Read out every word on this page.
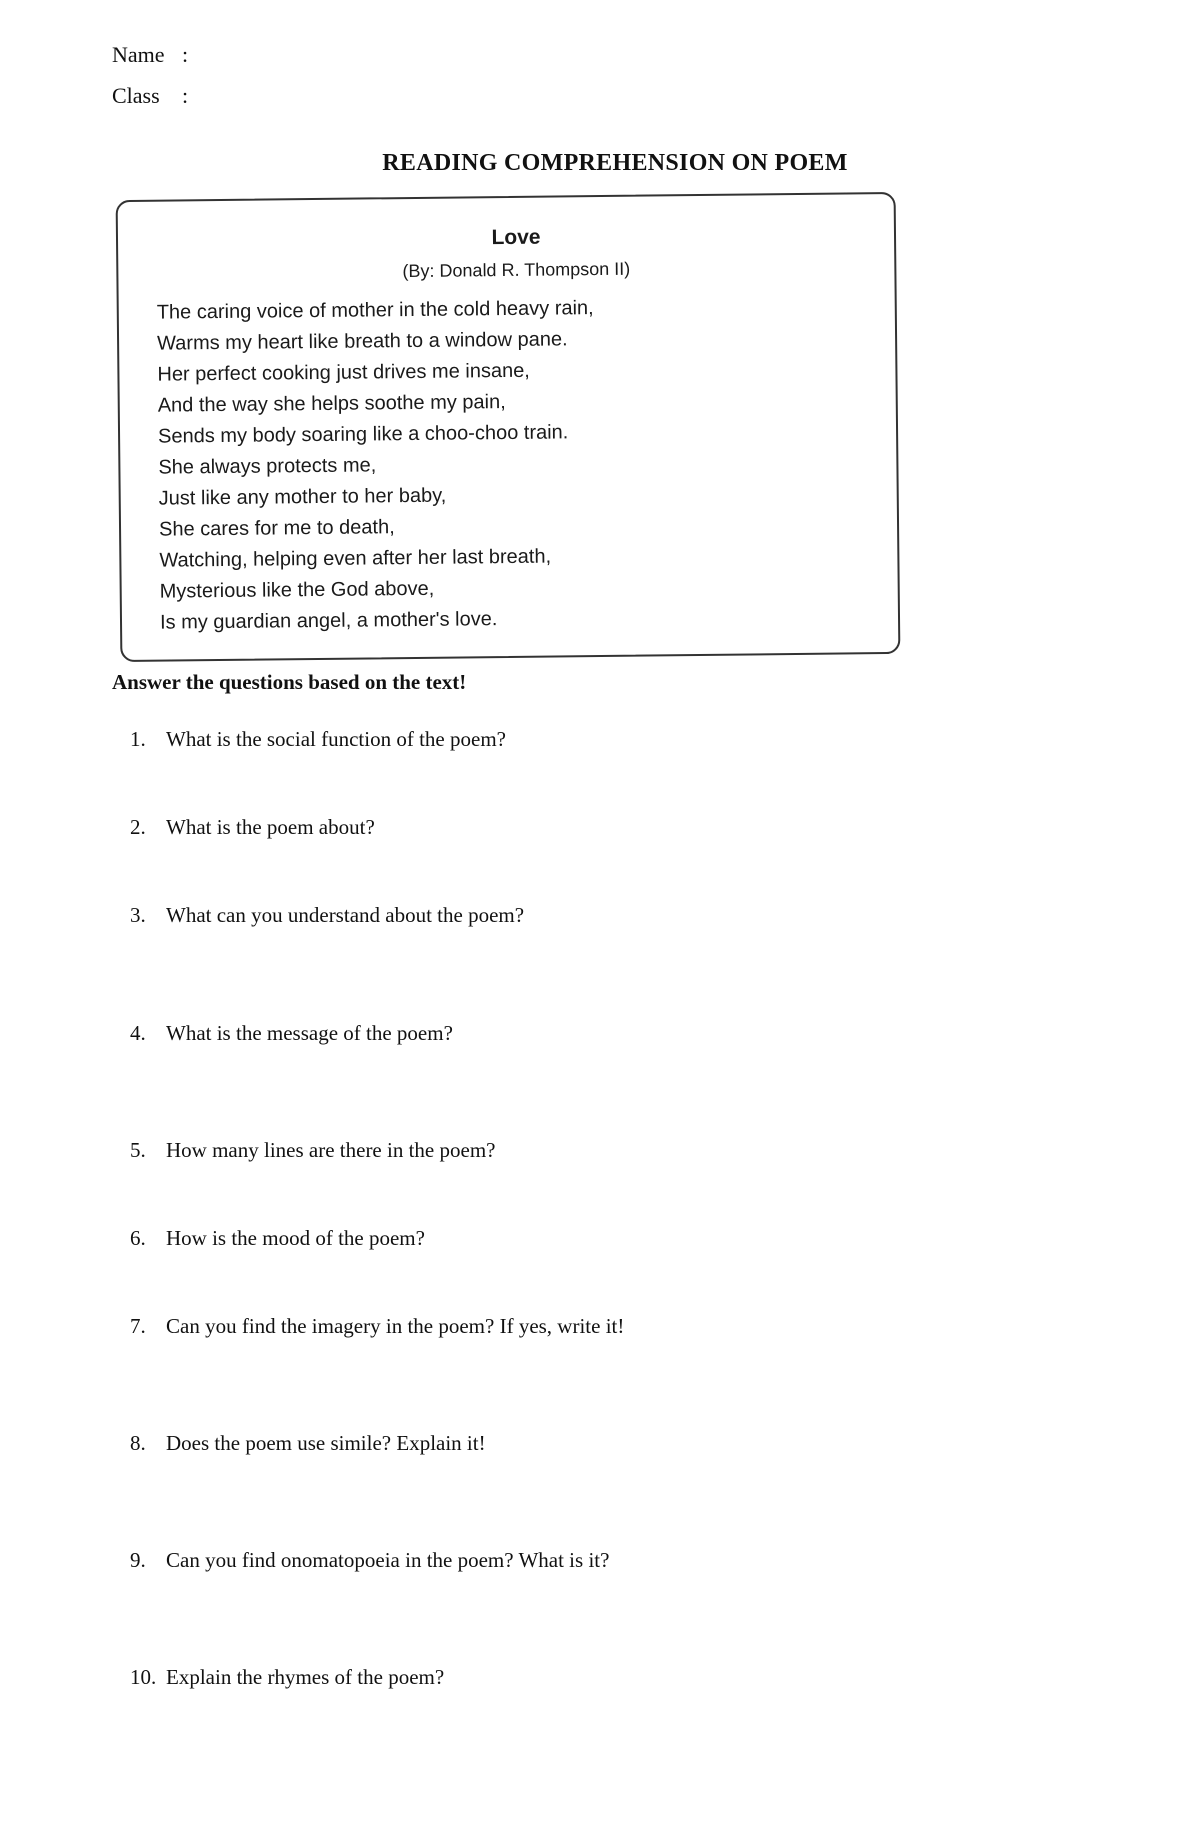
Name :
Class	:
READING COMPREHENSION ON POEM
Love
(By: Donald R. Thompson II)
The caring voice of mother in the cold heavy rain,
Warms my heart like breath to a window pane.
Her perfect cooking just drives me insane,
And the way she helps soothe my pain,
Sends my body soaring like a choo-choo train.
She always protects me,
Just like any mother to her baby,
She cares for me to death,
Watching, helping even after her last breath,
Mysterious like the God above,
Is my guardian angel, a mother's love.
Answer the questions based on the text!
1. What is the social function of the poem?
2. What is the poem about?
3. What can you understand about the poem?
4. What is the message of the poem?
5. How many lines are there in the poem?
6. How is the mood of the poem?
7. Can you find the imagery in the poem? If yes, write it!
8. Does the poem use simile? Explain it!
9. Can you find onomatopoeia in the poem? What is it?
10. Explain the rhymes of the poem?
